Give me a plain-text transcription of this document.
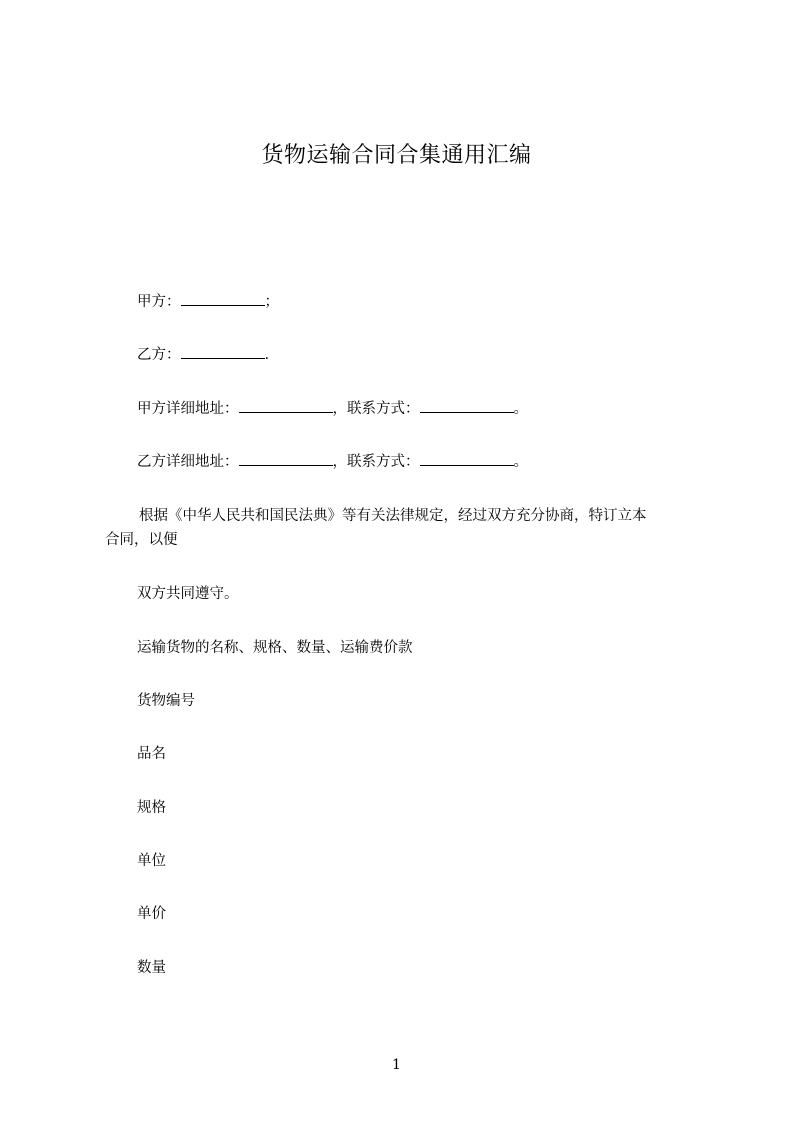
货物运输合同合集通用汇编
甲方：	；
乙方：	.
甲方详细地址：	，联系方式：	。
乙方详细地址：	，联系方式：	。
根据《中华人民共和国民法典》等有关法律规定，经过双方充分协商，特订立本
合同，以便
双方共同遵守。
运输货物的名称、规格、数量、运输费价款
货物编号
品名
规格
单位
单价
数量
1
